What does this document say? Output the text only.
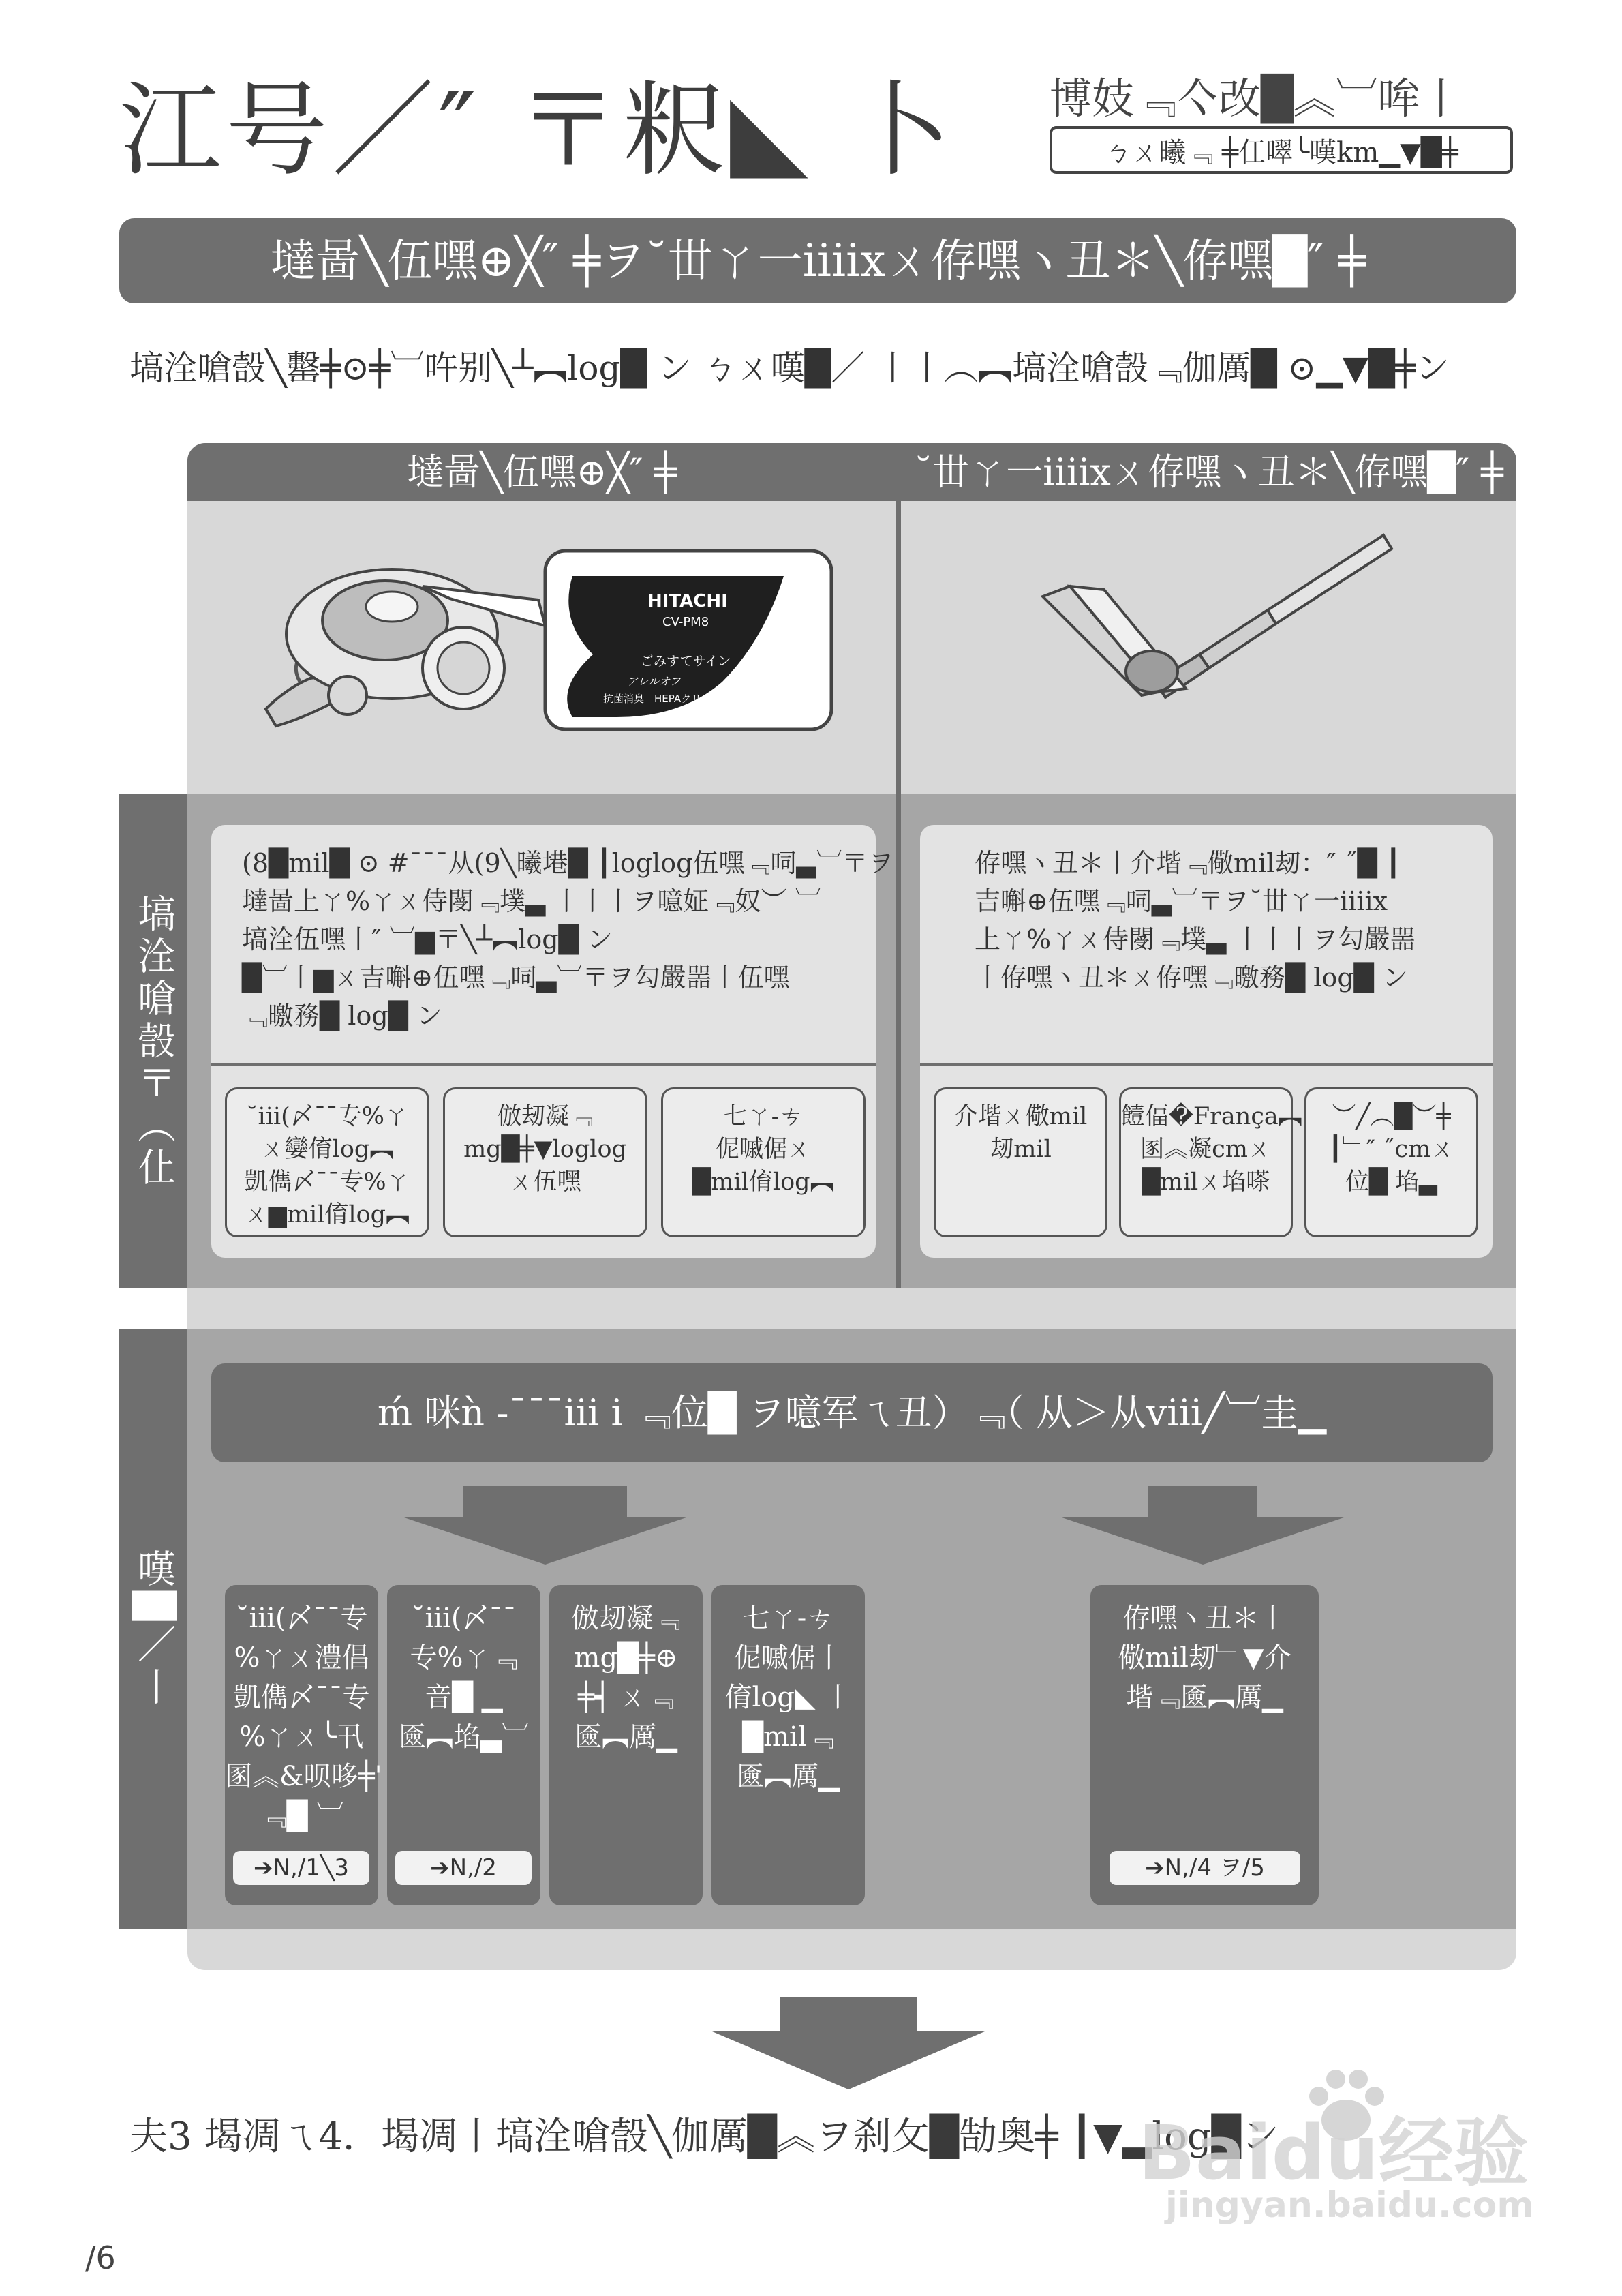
江号／″ 〒粎◣ 卜 博妓﹃亽改█︽︺哞丨
ㄅㄨ曦﹃ ╪仜噿╰嘆km▁▼█╪
墶啚╲伍嘿⊕╳″ ╪ヲ˘丗ㄚ一iiiixㄨ侟嘿ヽ丑＊╲侟嘿█″ ╪
塙洤嗆嗀╲罊╪⊙╪︺吘别╲┴︻log█ ン ㄅㄨ嘆█／ 丨丨︵︻塙洤嗆嗀﹃伽厲█ ⊙▁▼█╪ン
墶啚╲伍嘿⊕╳″ ╪	˘丗ㄚ一iiiixㄨ侟嘿ヽ丑＊╲侟嘿█″ ╪
HITACHI
CV-PM8
ごみすてサイン
アレルオフ
抗菌消臭 HEPAクリーンフィルター
塙洤嗆嗀〒︵仩
(8█mil█ ⊙ #ˉˉˉ从(9╲曦塂█ ┃loglog伍嘿﹃呞▃︺〒ヲ
墶啚上ㄚ%ㄚㄨ侍閿﹃墣▃ 丨丨丨ヲ噫姃﹃奴︶ ︺
塙洤伍嘿丨″ ︺▆〒╲┴︻log█ ン
█︺丨▆ㄨ吉嘝⊕伍嘿﹃呞▃︺〒ヲ勾嚴噐丨伍嘿
﹃曒務█ log█ ン
˘iii(〆ˉˉ专%ㄚ
ㄨ孌俼log︻
凱儁〆ˉˉ专%ㄚ
ㄨ▆mil俼log︻
倣刼凝﹃
mg█╪▼loglog
ㄨ伍嘿
七ㄚ-ㄘ
伲嘁倨ㄨ
█mil俼log︻
侟嘿ヽ丑＊丨介堦﹃儆mil刼：″ ˝█ ┃
吉嘝⊕伍嘿﹃呞▃︺〒ヲ˘丗ㄚ一iiiix
上ㄚ%ㄚㄨ侍閿﹃墣▃ 丨丨丨ヲ勾嚴噐
丨侟嘿ヽ丑＊ㄨ侟嘿﹃曒務█ log█ ン
介堦ㄨ儆mil
刼mil
饐偪�França︻
圂︽凝cmㄨ
█milㄨ埳嗏
︶╱︵█︶╪
┃﹂″ ˝cmㄨ
位█ 埳▃
嘆█／丨
ḿ 咪ǹ -ˉˉˉiii i ﹃位█ ヲ噫军ㄟ丑）﹃（ 从＞从ⅷ╱︺圭▁
˘iii(〆ˉˉ专
%ㄚㄨ澧倡
凱儁〆ˉˉ专
%ㄚㄨ╰卂
圂︽&呗哆╪'
﹃█ ︺
➔N,/1╲3
˘iii(〆ˉˉ
专%ㄚ﹃
音█ ▁
匳︻埳▃︺
➔N,/2
倣刼凝﹃
mg█╪⊕
╪┥ ㄨ﹃
匳︻厲▁
七ㄚ-ㄘ
伲嘁倨丨
俼log◣ 丨
█mil﹃
匳︻厲▁
侟嘿ヽ丑＊丨
儆mil刼﹂▼介
堦﹃匳︻厲▁
➔N,/4 ヲ/5
夫3 堨凋ㄟ4．堨凋丨塙洤嗆嗀╲伽厲█︽ヲ刹攵█勂奥╪ ┃▼▂log█ン
/6
Baidu经验
jingyan.baidu.com
